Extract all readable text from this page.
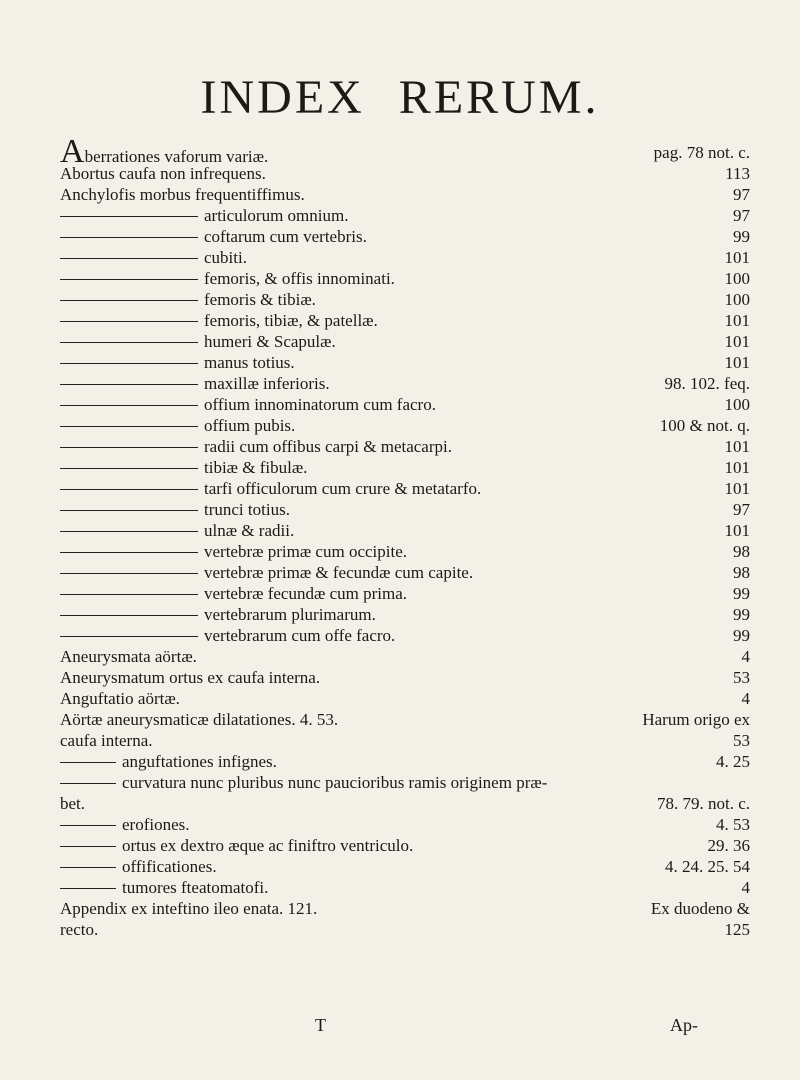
INDEX RERUM.
Aberrationes vaforum variæ.	pag. 78 not. c.
Abortus caufa non infrequens.	113
Anchylofis morbus frequentiffimus.	97
articulorum omnium.	97
coftarum cum vertebris.	99
cubiti.	101
femoris, & offis innominati.	100
femoris & tibiæ.	100
femoris, tibiæ, & patellæ.	101
humeri & Scapulæ.	101
manus totius.	101
maxillæ inferioris.	98. 102. feq.
offium innominatorum cum facro.	100
offium pubis.	100 & not. q.
radii cum offibus carpi & metacarpi.	101
tibiæ & fibulæ.	101
tarfi officulorum cum crure & metatarfo.	101
trunci totius.	97
ulnæ & radii.	101
vertebræ primæ cum occipite.	98
vertebræ primæ & fecundæ cum capite.	98
vertebræ fecundæ cum prima.	99
vertebrarum plurimarum.	99
vertebrarum cum offe facro.	99
Aneurysmata aörtæ.	4
Aneurysmatum ortus ex caufa interna.	53
Anguftatio aörtæ.	4
Aörtæ aneurysmaticæ dilatationes. 4. 53.	Harum origo ex
caufa interna.	53
anguftationes infignes.	4. 25
curvatura nunc pluribus nunc paucioribus ramis originem præ-
bet.	78. 79. not. c.
erofiones.	4. 53
ortus ex dextro æque ac finiftro ventriculo.	29. 36
offificationes.	4. 24. 25. 54
tumores fteatomatofi.	4
Appendix ex inteftino ileo enata. 121.	Ex duodeno &
recto.	125
T	Ap-
